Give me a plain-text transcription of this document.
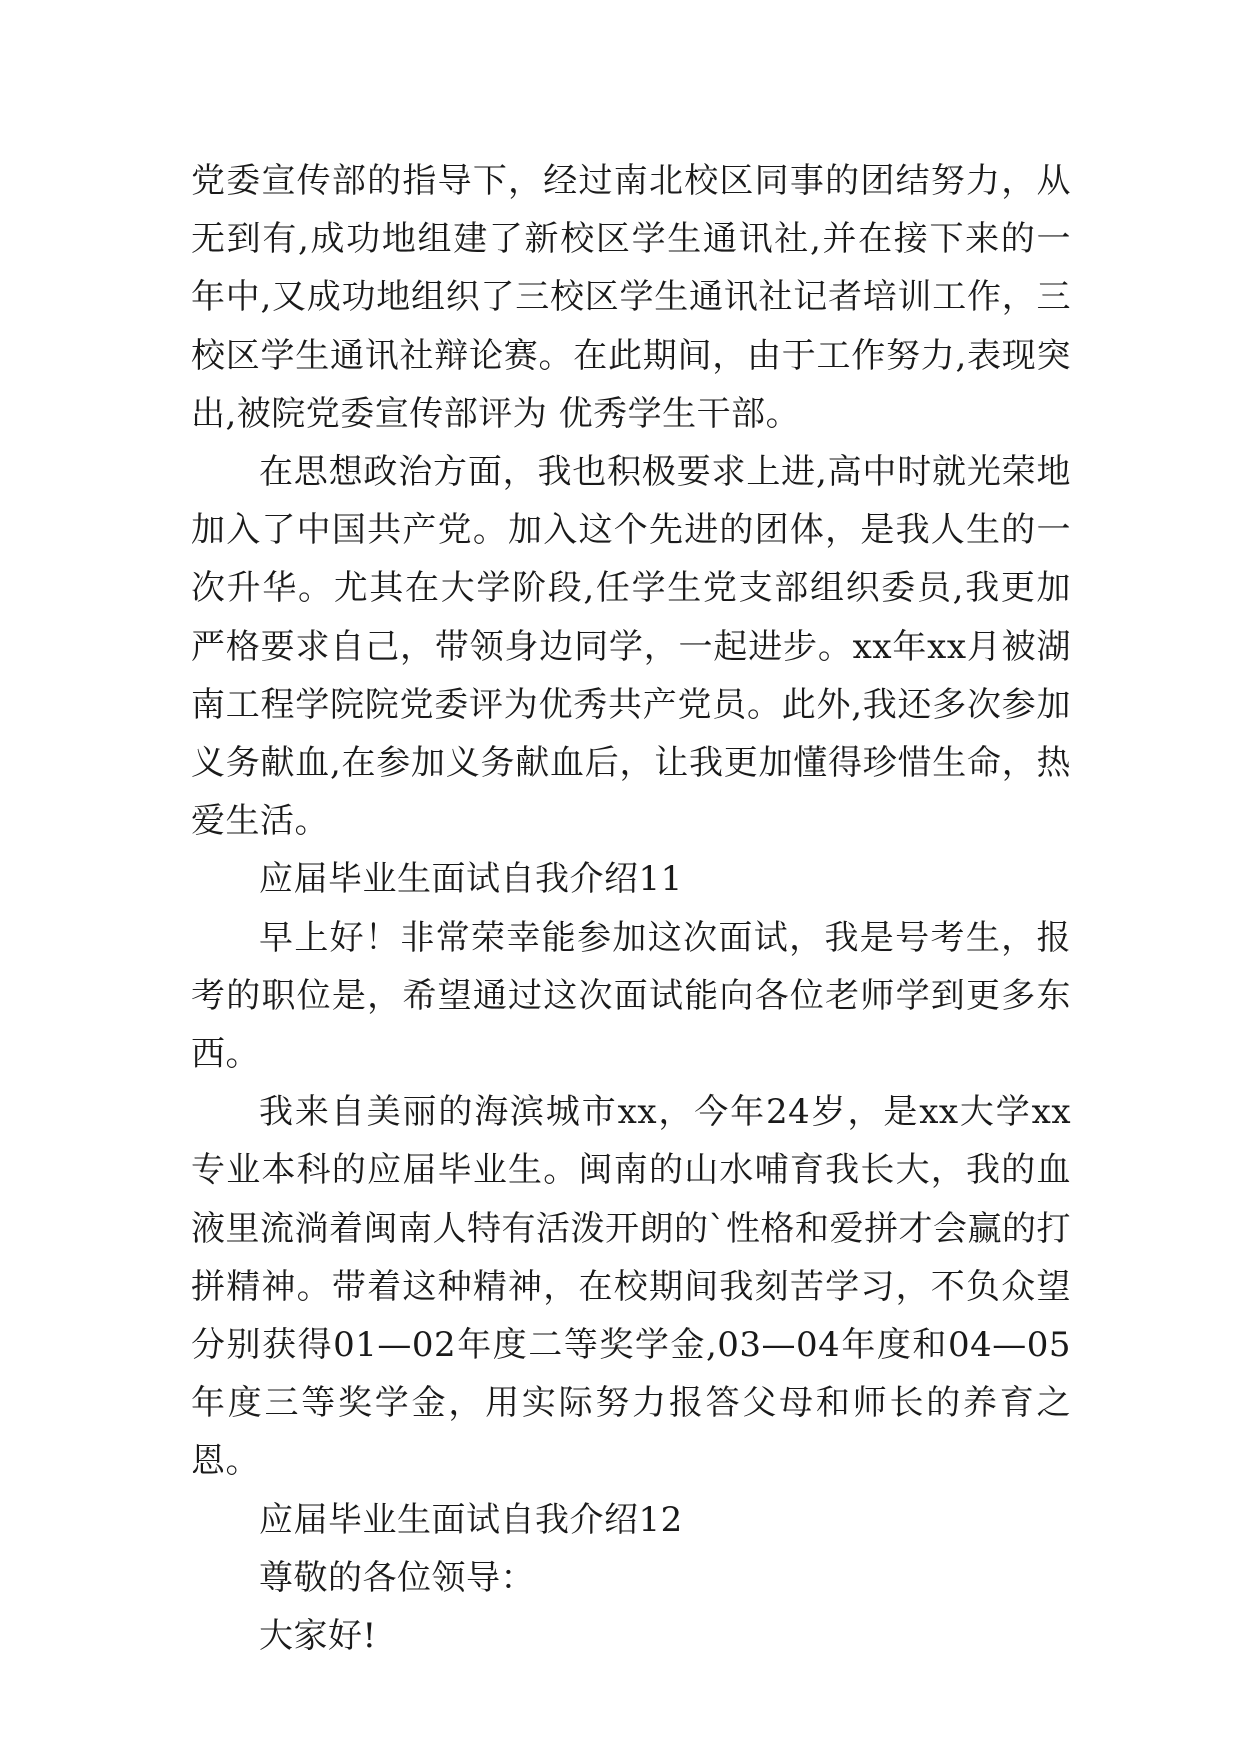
党委宣传部的指导下，经过南北校区同事的团结努力，从无到有,成功地组建了新校区学生通讯社,并在接下来的一年中,又成功地组织了三校区学生通讯社记者培训工作，三校区学生通讯社辩论赛。在此期间，由于工作努力,表现突出,被院党委宣传部评为 优秀学生干部。

在思想政治方面，我也积极要求上进,高中时就光荣地加入了中国共产党。加入这个先进的团体，是我人生的一次升华。尤其在大学阶段,任学生党支部组织委员,我更加严格要求自己，带领身边同学，一起进步。xx年xx月被湖南工程学院院党委评为优秀共产党员。此外,我还多次参加义务献血,在参加义务献血后，让我更加懂得珍惜生命，热爱生活。

应届毕业生面试自我介绍11

早上好！非常荣幸能参加这次面试，我是号考生，报考的职位是，希望通过这次面试能向各位老师学到更多东西。

我来自美丽的海滨城市xx，今年24岁，是xx大学xx专业本科的应届毕业生。闽南的山水哺育我长大，我的血液里流淌着闽南人特有活泼开朗的`性格和爱拼才会赢的打拼精神。带着这种精神，在校期间我刻苦学习，不负众望分别获得01—02年度二等奖学金,03—04年度和04—05年度三等奖学金，用实际努力报答父母和师长的养育之恩。

应届毕业生面试自我介绍12

尊敬的各位领导：

大家好!
